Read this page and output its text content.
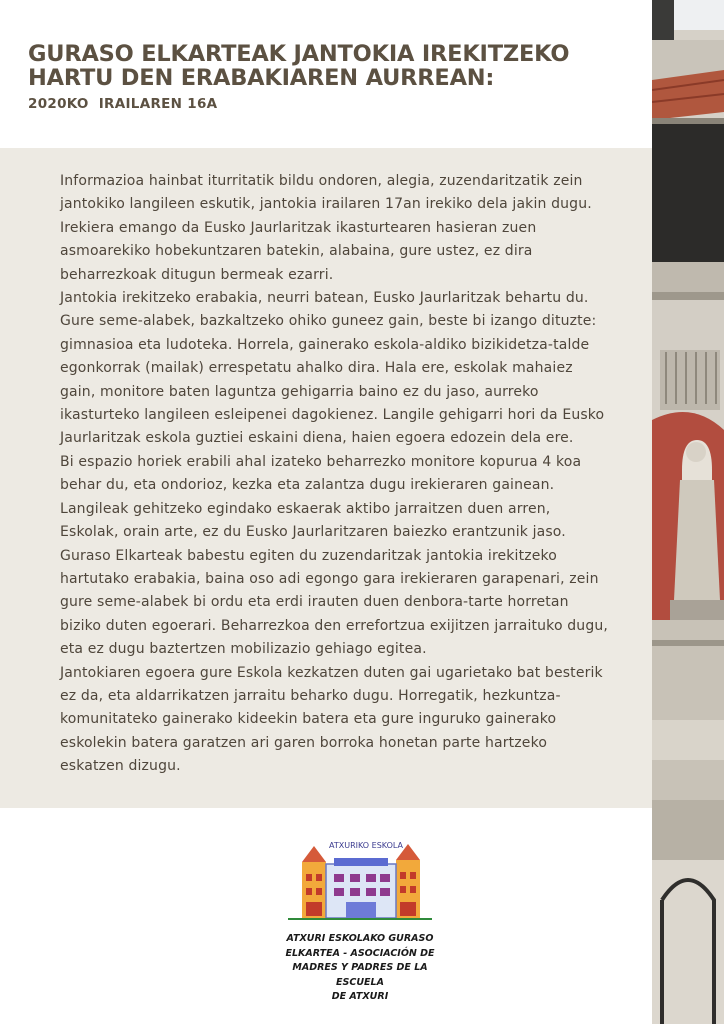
GURASO ELKARTEAK JANTOKIA IREKITZEKO HARTU DEN ERABAKIAREN AURREAN:
2020KO  IRAILAREN 16A

Informazioa hainbat iturritatik bildu ondoren, alegia, zuzendaritzatik zein jantokiko langileen eskutik, jantokia irailaren 17an irekiko dela jakin dugu. Irekiera emango da Eusko Jaurlaritzak ikasturtearen hasieran zuen asmoarekiko hobekuntzaren batekin, alabaina, gure ustez, ez dira beharrezkoak ditugun bermeak ezarri.

Jantokia irekitzeko erabakia, neurri batean, Eusko Jaurlaritzak behartu du. Gure seme-alabek, bazkaltzeko ohiko guneez gain, beste bi izango dituzte: gimnasioa eta ludoteka. Horrela, gainerako eskola-aldiko bizikidetza-talde egonkorrak (mailak) errespetatu ahalko dira. Hala ere, eskolak mahaiez gain, monitore baten laguntza gehigarria baino ez du jaso, aurreko ikasturteko langileen esleipenei dagokienez. Langile gehigarri hori da Eusko Jaurlaritzak eskola guztiei eskaini diena, haien egoera edozein dela ere.

Bi espazio horiek erabili ahal izateko beharrezko monitore kopurua 4 koa behar du, eta ondorioz, kezka eta zalantza dugu irekieraren gainean. Langileak gehitzeko egindako eskaerak aktibo jarraitzen duen arren, Eskolak, orain arte, ez du Eusko Jaurlaritzaren baiezko erantzunik jaso.

Guraso Elkarteak babestu egiten du zuzendaritzak jantokia irekitzeko hartutako erabakia, baina oso adi egongo gara irekieraren garapenari, zein gure seme-alabek bi ordu eta erdi irauten duen denbora-tarte horretan biziko duten egoerari. Beharrezkoa den errefortzua exijitzen jarraituko dugu, eta ez dugu baztertzen mobilizazio gehiago egitea.

Jantokiaren egoera gure Eskola kezkatzen duten gai ugarietako bat besterik ez da, eta aldarrikatzen jarraitu beharko dugu. Horregatik, hezkuntza-komunitateko gainerako kideekin batera eta gure inguruko gainerako eskolekin batera garatzen ari garen borroka honetan parte hartzeko eskatzen dizugu.

ATXURIKO ESKOLA
ATXURI ESKOLAKO GURASO
ELKARTEA - ASOCIACIÓN DE
MADRES Y PADRES DE LA ESCUELA
DE ATXURI
